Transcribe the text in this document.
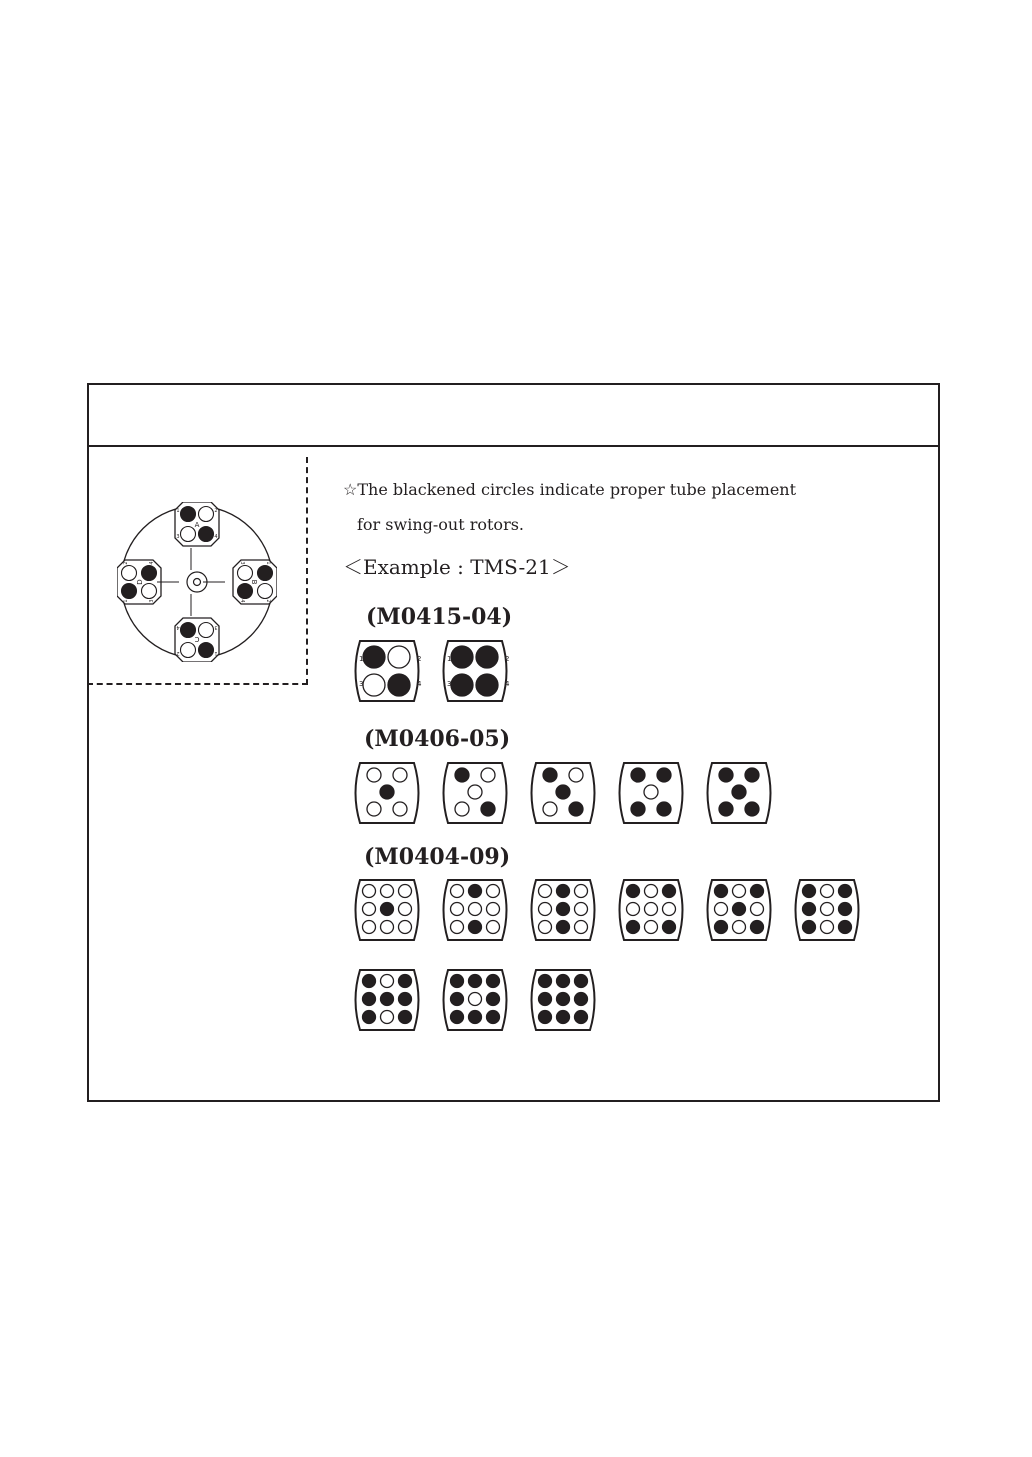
A
1	2
3	4
B
1
2
3
4
C
1
2
3
4
D
1
2
3
4
☆The blackened circles indicate proper tube placement
for swing-out rotors.
＜Example : TMS-21＞
(M0415-04)
(M0406-05)
(M0404-09)
1	2
3	4
1	2
3	4
